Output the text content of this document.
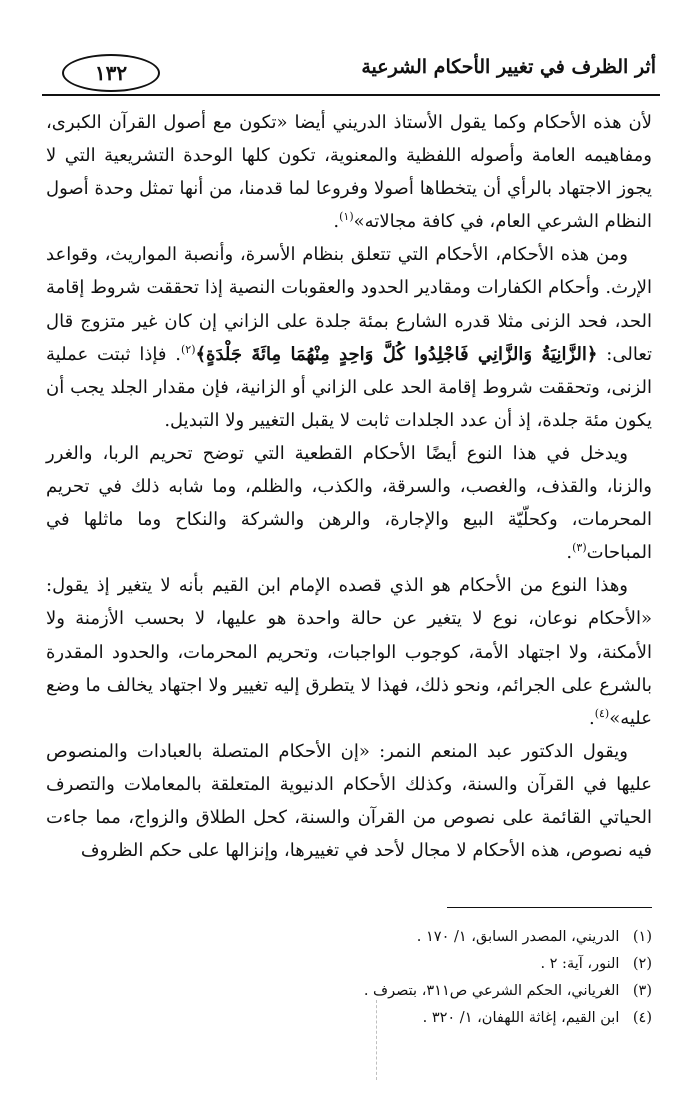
أثر الظرف في تغيير الأحكام الشرعية
١٣٢

لأن هذه الأحكام وكما يقول الأستاذ الدريني أيضا «تكون مع أصول القرآن الكبرى، ومفاهيمه العامة وأصوله اللفظية والمعنوية، تكون كلها الوحدة التشريعية التي لا يجوز الاجتهاد بالرأي أن يتخطاها أصولا وفروعا لما قدمنا، من أنها تمثل وحدة أصول النظام الشرعي العام، في كافة مجالاته»$^{(١)}$.

ومن هذه الأحكام، الأحكام التي تتعلق بنظام الأسرة، وأنصبة المواريث، وقواعد الإرث. وأحكام الكفارات ومقادير الحدود والعقوبات النصية إذا تحققت شروط إقامة الحد، فحد الزنى مثلا قدره الشارع بمئة جلدة على الزاني إن كان غير متزوج قال تعالى: ﴿الزَّانِيَةُ وَالزَّانِي فَاجْلِدُوا كُلَّ وَاحِدٍ مِنْهُمَا مِائَةَ جَلْدَةٍ﴾$^{(٢)}$. فإذا ثبتت عملية الزنى، وتحققت شروط إقامة الحد على الزاني أو الزانية، فإن مقدار الجلد يجب أن يكون مئة جلدة، إذ أن عدد الجلدات ثابت لا يقبل التغيير ولا التبديل.

ويدخل في هذا النوع أيضًا الأحكام القطعية التي توضح تحريم الربا، والغرر والزنا، والقذف، والغصب، والسرقة، والكذب، والظلم، وما شابه ذلك في تحريم المحرمات، وكحلّيّة البيع والإجارة، والرهن والشركة والنكاح وما ماثلها في المباحات$^{(٣)}$.

وهذا النوع من الأحكام هو الذي قصده الإمام ابن القيم بأنه لا يتغير إذ يقول: «الأحكام نوعان، نوع لا يتغير عن حالة واحدة هو عليها، لا بحسب الأزمنة ولا الأمكنة، ولا اجتهاد الأمة، كوجوب الواجبات، وتحريم المحرمات، والحدود المقدرة بالشرع على الجرائم، ونحو ذلك، فهذا لا يتطرق إليه تغيير ولا اجتهاد يخالف ما وضع عليه»$^{(٤)}$.

ويقول الدكتور عبد المنعم النمر: «إن الأحكام المتصلة بالعبادات والمنصوص عليها في القرآن والسنة، وكذلك الأحكام الدنيوية المتعلقة بالمعاملات والتصرف الحياتي القائمة على نصوص من القرآن والسنة، كحل الطلاق والزواج، مما جاءت فيه نصوص، هذه الأحكام لا مجال لأحد في تغييرها، وإنزالها على حكم الظروف

(١) الدريني، المصدر السابق، ١/ ١٧٠ .

(٢) النور، آية: ٢ .

(٣) الغرياني، الحكم الشرعي ص٣١١، بتصرف .

(٤) ابن القيم، إغاثة اللهفان، ١/ ٣٢٠ .
